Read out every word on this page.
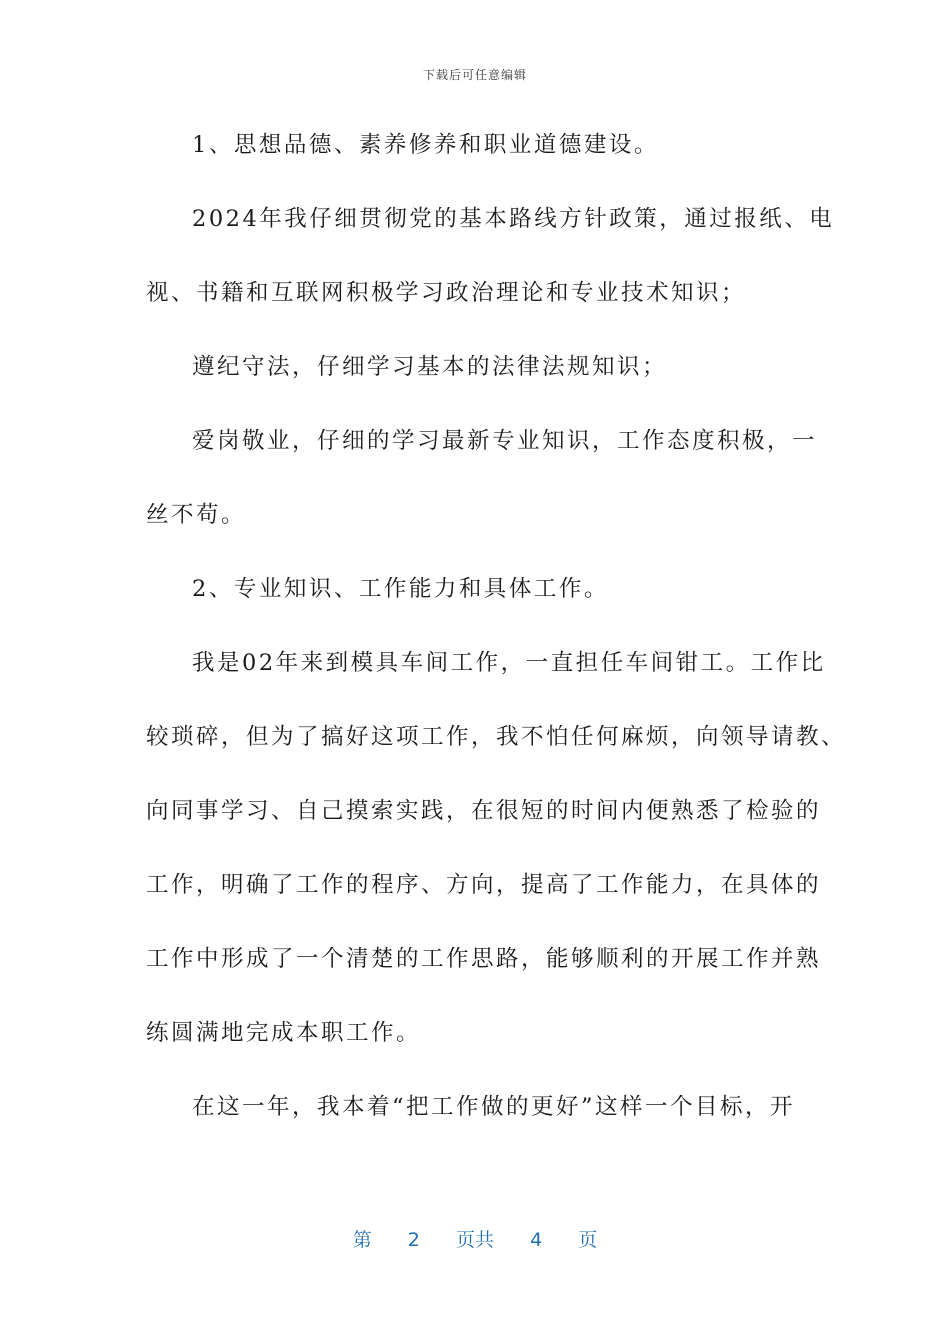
下载后可任意编辑
1、思想品德、素养修养和职业道德建设。
2024年我仔细贯彻党的基本路线方针政策，通过报纸、电
视、书籍和互联网积极学习政治理论和专业技术知识；
遵纪守法，仔细学习基本的法律法规知识；
爱岗敬业，仔细的学习最新专业知识，工作态度积极，一
丝不苟。
2、专业知识、工作能力和具体工作。
我是02年来到模具车间工作，一直担任车间钳工。工作比
较琐碎，但为了搞好这项工作，我不怕任何麻烦，向领导请教、
向同事学习、自己摸索实践，在很短的时间内便熟悉了检验的
工作，明确了工作的程序、方向，提高了工作能力，在具体的
工作中形成了一个清楚的工作思路，能够顺利的开展工作并熟
练圆满地完成本职工作。
在这一年，我本着“把工作做的更好”这样一个目标，开
第 2 页共 4 页
